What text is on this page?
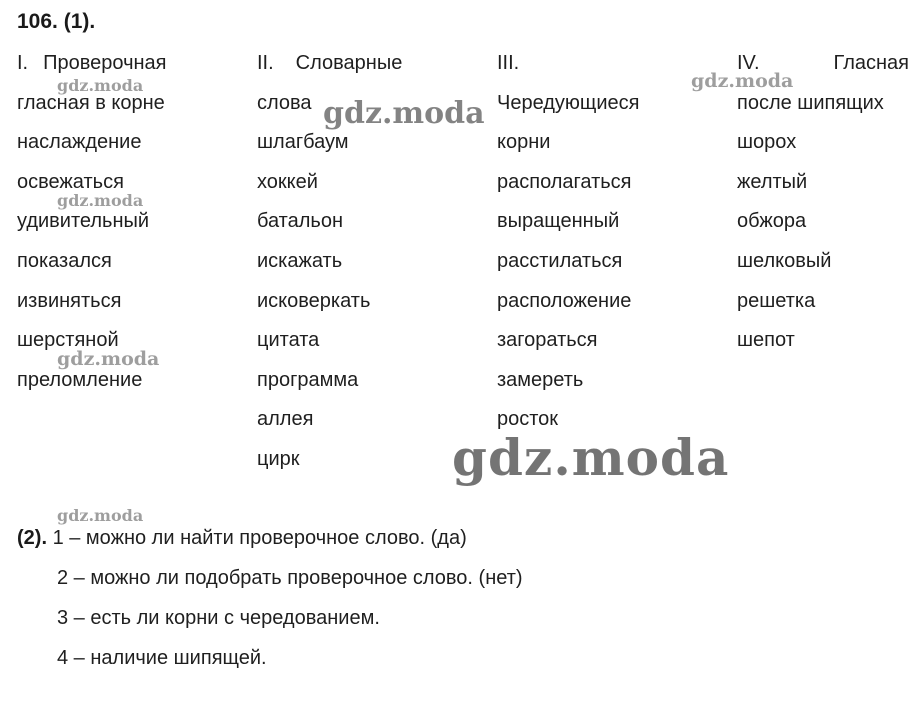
106. (1).
I. Проверочная
гласная в корне
наслаждение
освежаться
удивительный
показался
извиняться
шерстяной
преломление
II. Словарные
слова
шлагбаум
хоккей
батальон
искажать
исковеркать
цитата
программа
аллея
цирк
III.
Чередующиеся
корни
располагаться
выращенный
расстилаться
расположение
загораться
замереть
росток
IV.	Гласная
после шипящих
шорох
желтый
обжора
шелковый
решетка
шепот
(2). 1 – можно ли найти проверочное слово. (да)
2 – можно ли подобрать проверочное слово. (нет)
3 – есть ли корни с чередованием.
4 – наличие шипящей.
gdz.moda
gdz.moda
gdz.moda
gdz.moda
gdz.moda
gdz.moda
gdz.moda
